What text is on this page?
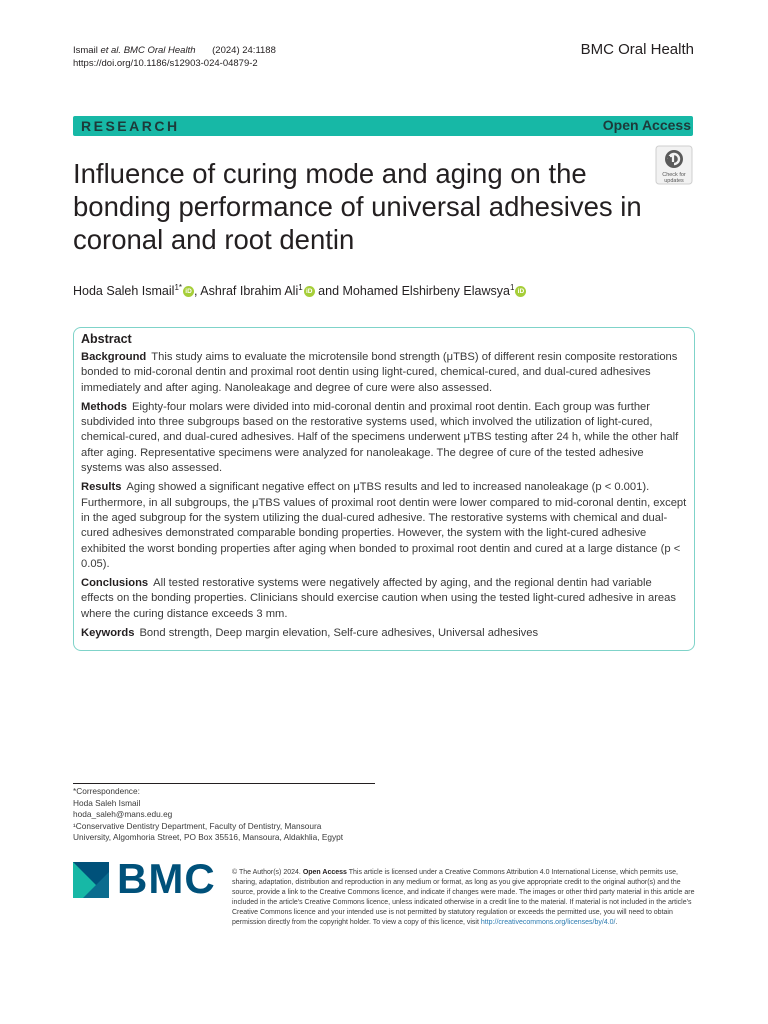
Ismail et al. BMC Oral Health (2024) 24:1188
https://doi.org/10.1186/s12903-024-04879-2
BMC Oral Health
RESEARCH	Open Access
Check for updates
Influence of curing mode and aging on the bonding performance of universal adhesives in coronal and root dentin
Hoda Saleh Ismail$^{1*}$ iD , Ashraf Ibrahim Ali$^1$ iD and Mohamed Elshirbeny Elawsya$^1$ iD
Abstract

Background This study aims to evaluate the microtensile bond strength (μTBS) of different resin composite restorations bonded to mid-coronal dentin and proximal root dentin using light-cured, chemical-cured, and dual-cured adhesives immediately and after aging. Nanoleakage and degree of cure were also assessed.

Methods Eighty-four molars were divided into mid-coronal dentin and proximal root dentin. Each group was further subdivided into three subgroups based on the restorative systems used, which involved the utilization of light-cured, chemical-cured, and dual-cured adhesives. Half of the specimens underwent μTBS testing after 24 h, while the other half after aging. Representative specimens were analyzed for nanoleakage. The degree of cure of the tested adhesive systems was also assessed.

Results Aging showed a significant negative effect on μTBS results and led to increased nanoleakage (p < 0.001). Furthermore, in all subgroups, the μTBS values of proximal root dentin were lower compared to mid-coronal dentin, except in the aged subgroup for the system utilizing the dual-cured adhesive. The restorative systems with chemical and dual-cured adhesives demonstrated comparable bonding properties. However, the system with the light-cured adhesive exhibited the worst bonding properties after aging when bonded to proximal root dentin and cured at a large distance (p < 0.05).

Conclusions All tested restorative systems were negatively affected by aging, and the regional dentin had variable effects on the bonding properties. Clinicians should exercise caution when using the tested light-cured adhesive in areas where the curing distance exceeds 3 mm.

Keywords Bond strength, Deep margin elevation, Self-cure adhesives, Universal adhesives

*Correspondence:
Hoda Saleh Ismail
hoda_saleh@mans.edu.eg
¹Conservative Dentistry Department, Faculty of Dentistry, Mansoura
University, Algomhoria Street, PO Box 35516, Mansoura, Aldakhlia, Egypt
BMC © The Author(s) 2024. Open Access This article is licensed under a Creative Commons Attribution 4.0 International License, which permits use, sharing, adaptation, distribution and reproduction in any medium or format, as long as you give appropriate credit to the original author(s) and the source, provide a link to the Creative Commons licence, and indicate if changes were made. The images or other third party material in this article are included in the article's Creative Commons licence, unless indicated otherwise in a credit line to the material. If material is not included in the article's Creative Commons licence and your intended use is not permitted by statutory regulation or exceeds the permitted use, you will need to obtain permission directly from the copyright holder. To view a copy of this licence, visit http://creativecommons.org/licenses/by/4.0/.
